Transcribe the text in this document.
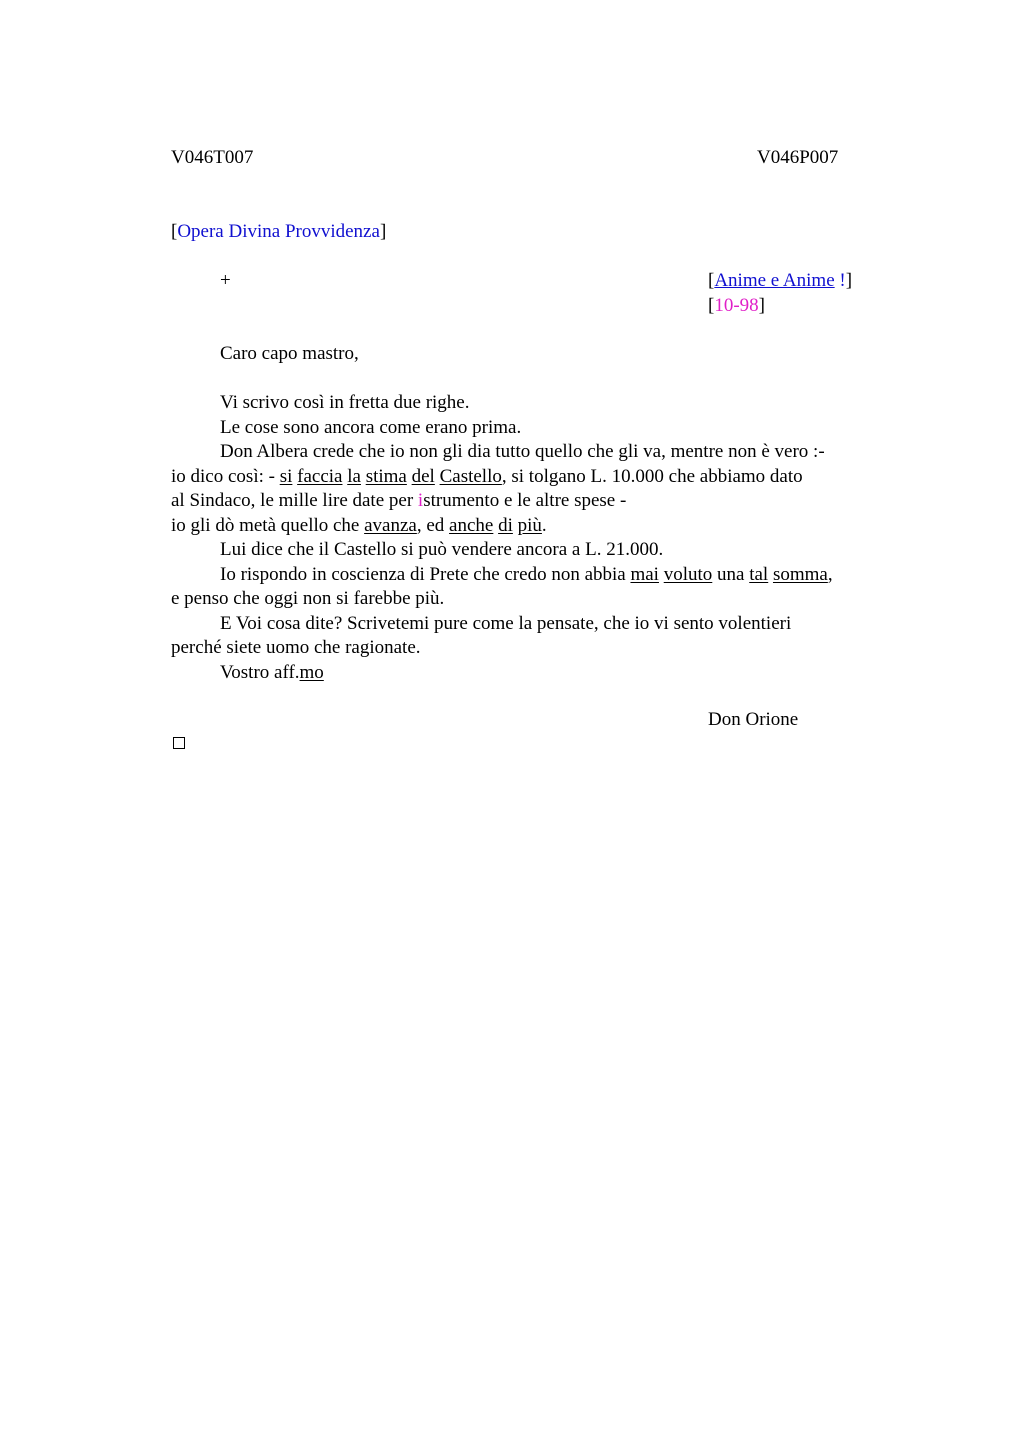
V046T007	V046P007
[Opera Divina Provvidenza]
+	[Anime e Anime !]
[10-98]
Caro capo mastro,
Vi scrivo così in fretta due righe.
Le cose sono ancora come erano prima.
Don Albera crede che io non gli dia tutto quello che gli va, mentre non è vero :-
io dico così: - si faccia la stima del Castello, si tolgano L. 10.000 che abbiamo dato
al Sindaco, le mille lire date per istrumento e le altre spese -
io gli dò metà quello che avanza, ed anche di più.
Lui dice che il Castello si può vendere ancora a L. 21.000.
Io rispondo in coscienza di Prete che credo non abbia mai voluto una tal somma,
e penso che oggi non si farebbe più.
E Voi cosa dite? Scrivetemi pure come la pensate, che io vi sento volentieri
perché siete uomo che ragionate.
Vostro aff.mo
Don Orione
